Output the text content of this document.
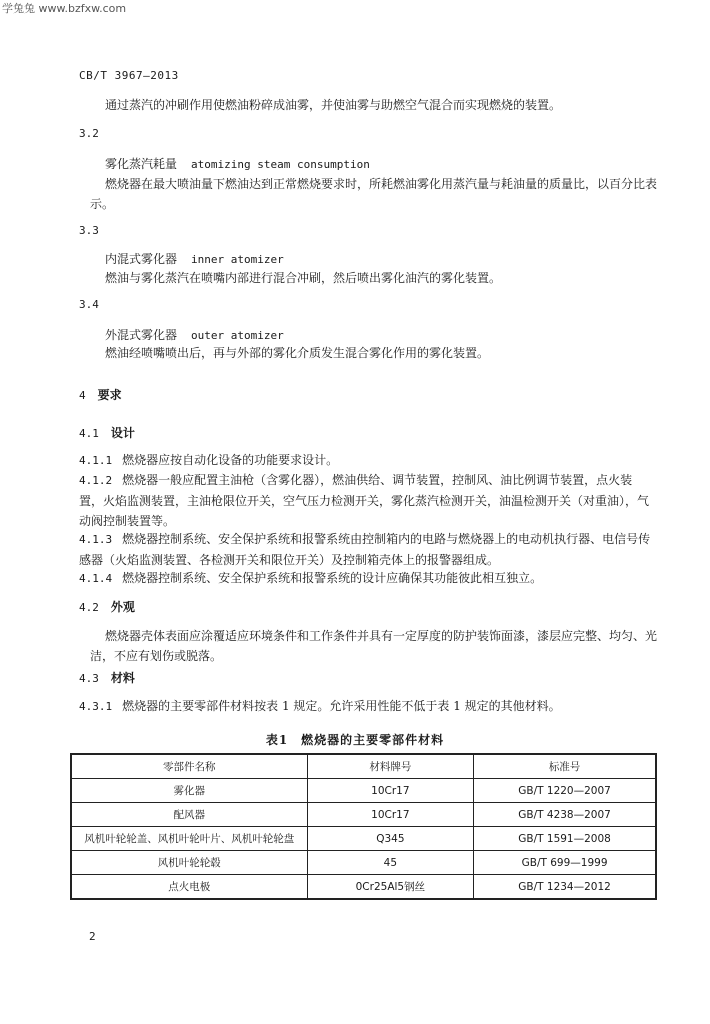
学兔兔 www.bzfxw.com
CB/T 3967—2013
通过蒸汽的冲刷作用使燃油粉碎成油雾，并使油雾与助燃空气混合而实现燃烧的装置。
3.2
雾化蒸汽耗量 atomizing steam consumption
燃烧器在最大喷油量下燃油达到正常燃烧要求时，所耗燃油雾化用蒸汽量与耗油量的质量比，以百分比表示。
3.3
内混式雾化器 inner atomizer
燃油与雾化蒸汽在喷嘴内部进行混合冲刷，然后喷出雾化油汽的雾化装置。
3.4
外混式雾化器 outer atomizer
燃油经喷嘴喷出后，再与外部的雾化介质发生混合雾化作用的雾化装置。
4 要求
4.1 设计
4.1.1 燃烧器应按自动化设备的功能要求设计。
4.1.2 燃烧器一般应配置主油枪（含雾化器），燃油供给、调节装置，控制风、油比例调节装置，点火装置，火焰监测装置，主油枪限位开关，空气压力检测开关，雾化蒸汽检测开关，油温检测开关（对重油），气动阀控制装置等。
4.1.3 燃烧器控制系统、安全保护系统和报警系统由控制箱内的电路与燃烧器上的电动机执行器、电信号传感器（火焰监测装置、各检测开关和限位开关）及控制箱壳体上的报警器组成。
4.1.4 燃烧器控制系统、安全保护系统和报警系统的设计应确保其功能彼此相互独立。
4.2 外观
燃烧器壳体表面应涂覆适应环境条件和工作条件并具有一定厚度的防护装饰面漆，漆层应完整、均匀、光洁，不应有划伤或脱落。
4.3 材料
4.3.1 燃烧器的主要零部件材料按表 1 规定。允许采用性能不低于表 1 规定的其他材料。
表1　燃烧器的主要零部件材料
零部件名称	材料牌号	标准号
雾化器	10Cr17	GB/T 1220—2007
配风器	10Cr17	GB/T 4238—2007
风机叶轮轮盖、风机叶轮叶片、风机叶轮轮盘	Q345	GB/T 1591—2008
风机叶轮轮毂	45	GB/T 699—1999
点火电极	0Cr25Al5钢丝	GB/T 1234—2012
2
